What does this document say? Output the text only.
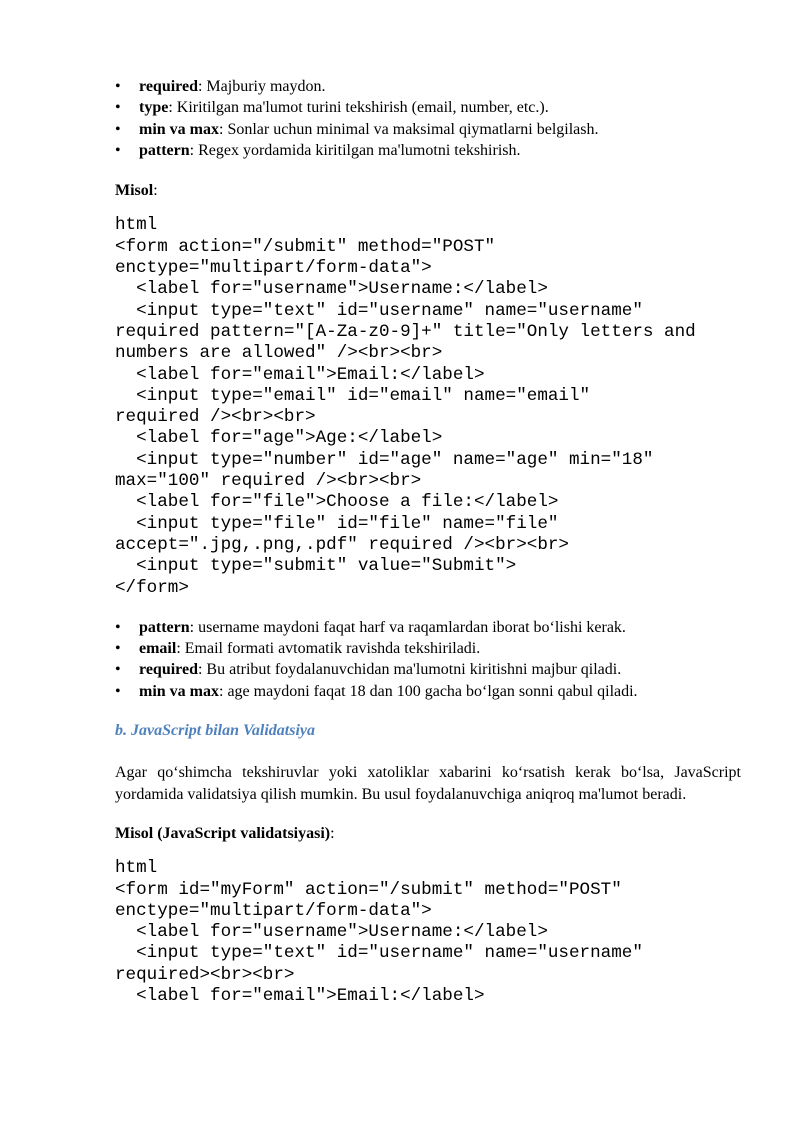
• required: Majburiy maydon.
• type: Kiritilgan ma'lumot turini tekshirish (email, number, etc.).
• min va max: Sonlar uchun minimal va maksimal qiymatlarni belgilash.
• pattern: Regex yordamida kiritilgan ma'lumotni tekshirish.

Misol:

html
<form action="/submit" method="POST"
enctype="multipart/form-data">
<label for="username">Username:</label>
<input type="text" id="username" name="username"
required pattern="[A-Za-z0-9]+" title="Only letters and
numbers are allowed" /><br><br>
<label for="email">Email:</label>
<input type="email" id="email" name="email"
required /><br><br>
<label for="age">Age:</label>
<input type="number" id="age" name="age" min="18"
max="100" required /><br><br>
<label for="file">Choose a file:</label>
<input type="file" id="file" name="file"
accept=".jpg,.png,.pdf" required /><br><br>
<input type="submit" value="Submit">
</form>
• pattern: username maydoni faqat harf va raqamlardan iborat bo‘lishi kerak.
• email: Email formati avtomatik ravishda tekshiriladi.
• required: Bu atribut foydalanuvchidan ma'lumotni kiritishni majbur qiladi.
• min va max: age maydoni faqat 18 dan 100 gacha bo‘lgan sonni qabul qiladi.

b. JavaScript bilan Validatsiya

Agar qo‘shimcha tekshiruvlar yoki xatoliklar xabarini ko‘rsatish kerak bo‘lsa, JavaScript yordamida validatsiya qilish mumkin. Bu usul foydalanuvchiga aniqroq ma'lumot beradi.

Misol (JavaScript validatsiyasi):

html
<form id="myForm" action="/submit" method="POST"
enctype="multipart/form-data">
<label for="username">Username:</label>
<input type="text" id="username" name="username"
required><br><br>
<label for="email">Email:</label>
